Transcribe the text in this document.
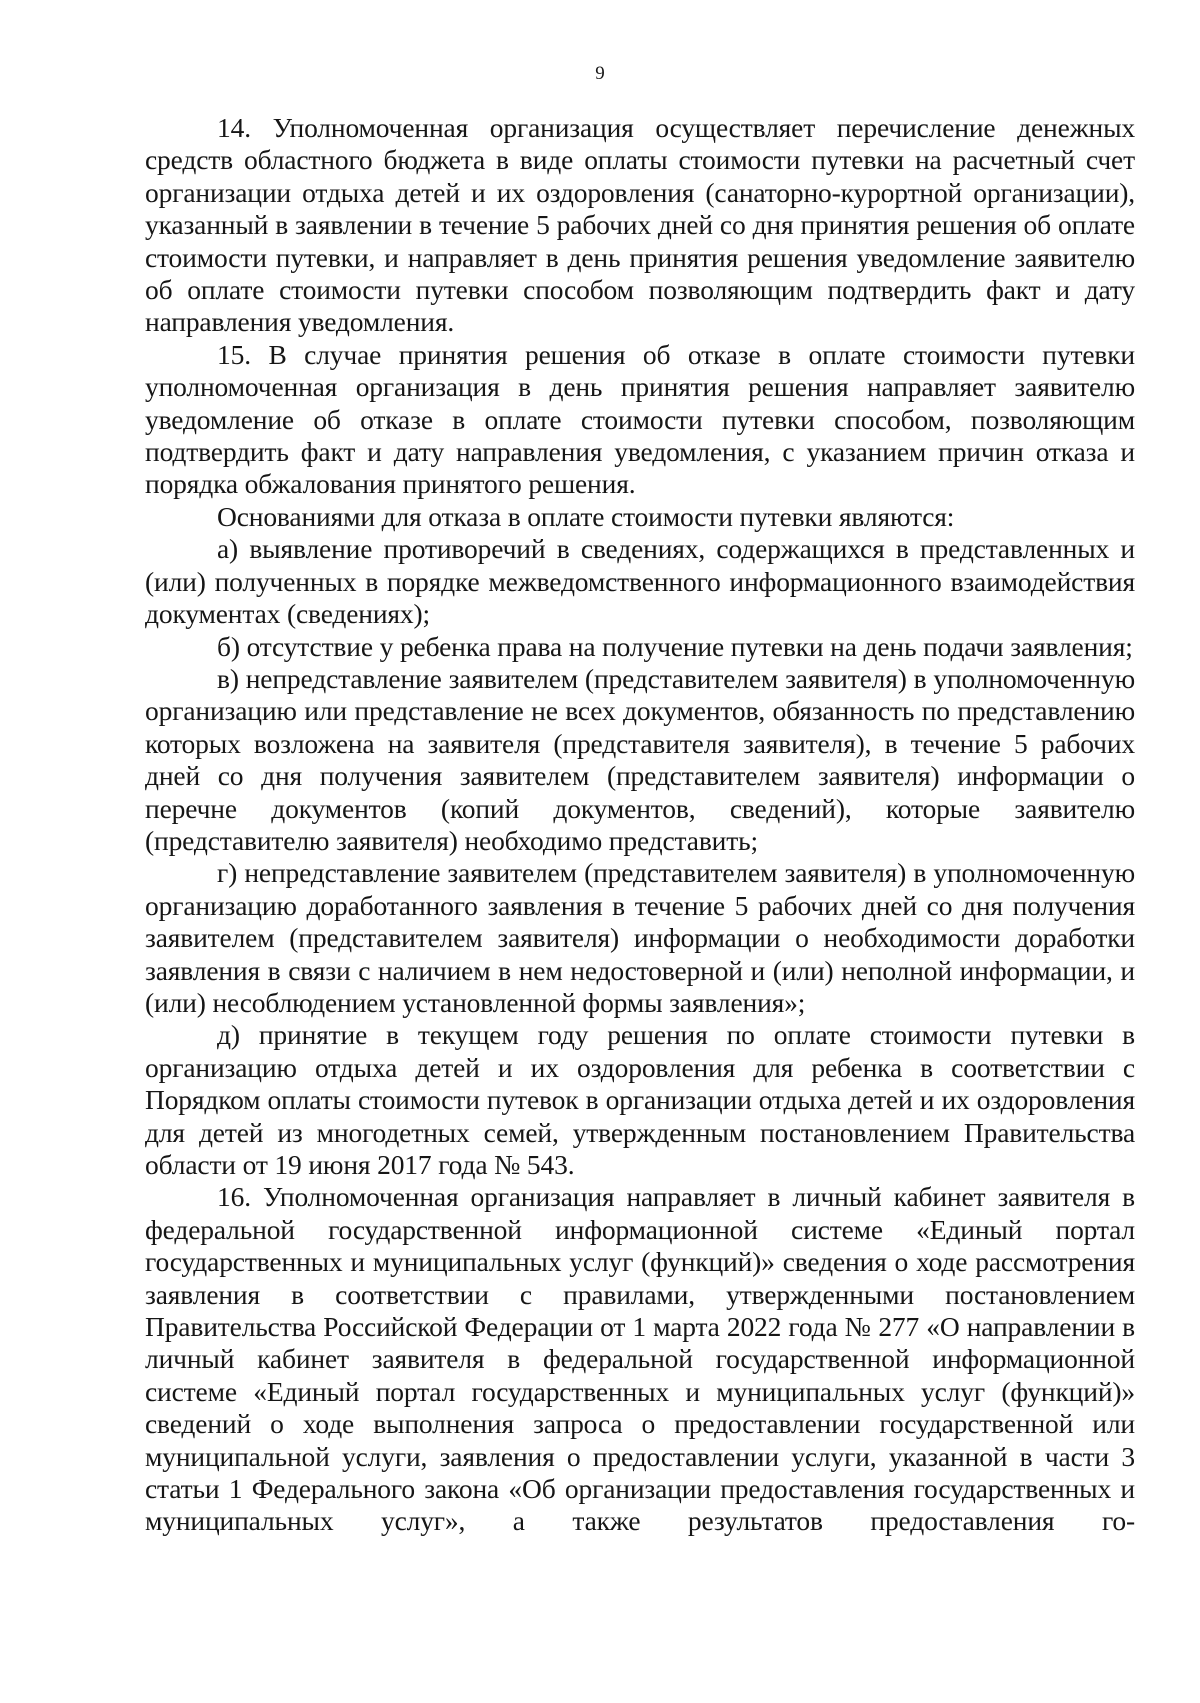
9

14. Уполномоченная организация осуществляет перечисление денежных средств областного бюджета в виде оплаты стоимости путевки на расчетный счет организации отдыха детей и их оздоровления (санаторно-курортной организации), указанный в заявлении в течение 5 рабочих дней со дня принятия решения об оплате стоимости путевки, и направляет в день принятия решения уведомление заявителю об оплате стоимости путевки способом позволяющим подтвердить факт и дату направления уведомления.

15. В случае принятия решения об отказе в оплате стоимости путевки уполномоченная организация в день принятия решения направляет заявителю уведомление об отказе в оплате стоимости путевки способом, позволяющим подтвердить факт и дату направления уведомления, с указанием причин отказа и порядка обжалования принятого решения.

Основаниями для отказа в оплате стоимости путевки являются:

а) выявление противоречий в сведениях, содержащихся в представленных и (или) полученных в порядке межведомственного информационного взаимодействия документах (сведениях);

б) отсутствие у ребенка права на получение путевки на день подачи заявления;

в) непредставление заявителем (представителем заявителя) в уполномоченную организацию или представление не всех документов, обязанность по представлению которых возложена на заявителя (представителя заявителя), в течение 5 рабочих дней со дня получения заявителем (представителем заявителя) информации о перечне документов (копий документов, сведений), которые заявителю (представителю заявителя) необходимо представить;

г) непредставление заявителем (представителем заявителя) в уполномоченную организацию доработанного заявления в течение 5 рабочих дней со дня получения заявителем (представителем заявителя) информации о необходимости доработки заявления в связи с наличием в нем недостоверной и (или) неполной информации, и (или) несоблюдением установленной формы заявления»;

д) принятие в текущем году решения по оплате стоимости путевки в организацию отдыха детей и их оздоровления для ребенка в соответствии с Порядком оплаты стоимости путевок в организации отдыха детей и их оздоровления для детей из многодетных семей, утвержденным постановлением Правительства области от 19 июня 2017 года № 543.

16. Уполномоченная организация направляет в личный кабинет заявителя в федеральной государственной информационной системе «Единый портал государственных и муниципальных услуг (функций)» сведения о ходе рассмотрения заявления в соответствии с правилами, утвержденными постановлением Правительства Российской Федерации от 1 марта 2022 года № 277 «О направлении в личный кабинет заявителя в федеральной государственной информационной системе «Единый портал государственных и муниципальных услуг (функций)» сведений о ходе выполнения запроса о предоставлении государственной или муниципальной услуги, заявления о предоставлении услуги, указанной в части 3 статьи 1 Федерального закона «Об организации предоставления государственных и муниципальных услуг», а также результатов предоставления го-
